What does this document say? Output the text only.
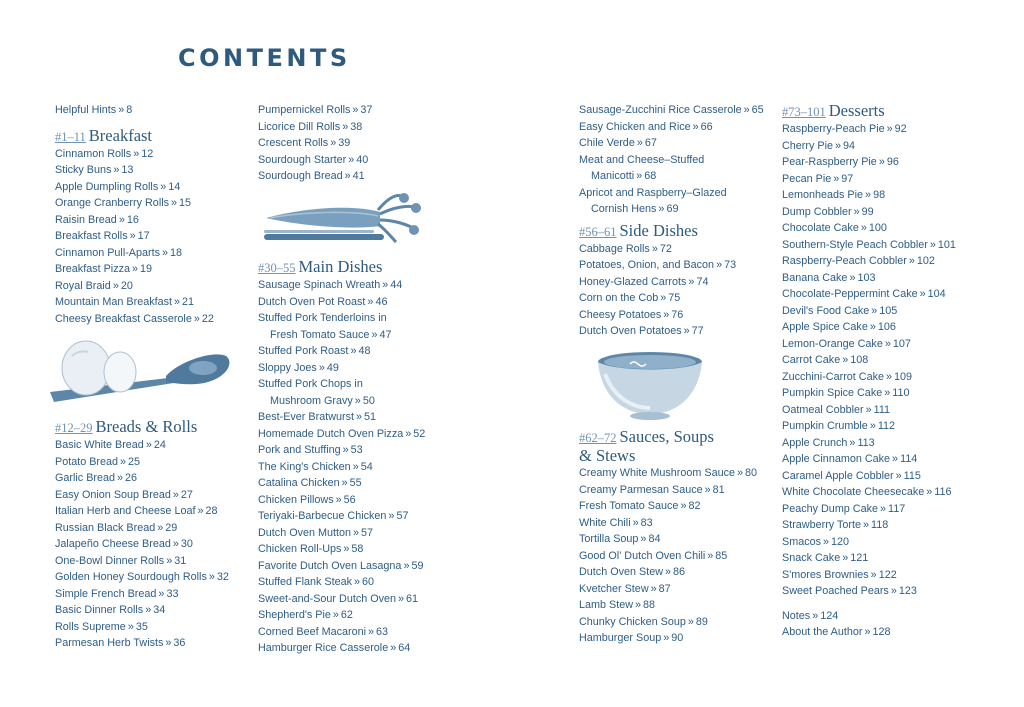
CONTENTS
Helpful Hints » 8
#1–11 Breakfast
Cinnamon Rolls » 12
Sticky Buns » 13
Apple Dumpling Rolls » 14
Orange Cranberry Rolls » 15
Raisin Bread » 16
Breakfast Rolls » 17
Cinnamon Pull-Aparts » 18
Breakfast Pizza » 19
Royal Braid » 20
Mountain Man Breakfast » 21
Cheesy Breakfast Casserole » 22
#12–29 Breads & Rolls
Basic White Bread » 24
Potato Bread » 25
Garlic Bread » 26
Easy Onion Soup Bread » 27
Italian Herb and Cheese Loaf » 28
Russian Black Bread » 29
Jalapeño Cheese Bread » 30
One-Bowl Dinner Rolls » 31
Golden Honey Sourdough Rolls » 32
Simple French Bread » 33
Basic Dinner Rolls » 34
Rolls Supreme » 35
Parmesan Herb Twists » 36
Pumpernickel Rolls » 37
Licorice Dill Rolls » 38
Crescent Rolls » 39
Sourdough Starter » 40
Sourdough Bread » 41
#30–55 Main Dishes
Sausage Spinach Wreath » 44
Dutch Oven Pot Roast » 46
Stuffed Pork Tenderloins in
Fresh Tomato Sauce » 47
Stuffed Pork Roast » 48
Sloppy Joes » 49
Stuffed Pork Chops in
Mushroom Gravy » 50
Best-Ever Bratwurst » 51
Homemade Dutch Oven Pizza » 52
Pork and Stuffing » 53
The King's Chicken » 54
Catalina Chicken » 55
Chicken Pillows » 56
Teriyaki-Barbecue Chicken » 57
Dutch Oven Mutton » 57
Chicken Roll-Ups » 58
Favorite Dutch Oven Lasagna » 59
Stuffed Flank Steak » 60
Sweet-and-Sour Dutch Oven » 61
Shepherd's Pie » 62
Corned Beef Macaroni » 63
Hamburger Rice Casserole » 64
Sausage-Zucchini Rice Casserole » 65
Easy Chicken and Rice » 66
Chile Verde » 67
Meat and Cheese–Stuffed
Manicotti » 68
Apricot and Raspberry–Glazed
Cornish Hens » 69
#56–61 Side Dishes
Cabbage Rolls » 72
Potatoes, Onion, and Bacon » 73
Honey-Glazed Carrots » 74
Corn on the Cob » 75
Cheesy Potatoes » 76
Dutch Oven Potatoes » 77
#62–72 Sauces, Soups
& Stews
Creamy White Mushroom Sauce » 80
Creamy Parmesan Sauce » 81
Fresh Tomato Sauce » 82
White Chili » 83
Tortilla Soup » 84
Good Ol' Dutch Oven Chili » 85
Dutch Oven Stew » 86
Kvetcher Stew » 87
Lamb Stew » 88
Chunky Chicken Soup » 89
Hamburger Soup » 90
#73–101 Desserts
Raspberry-Peach Pie » 92
Cherry Pie » 94
Pear-Raspberry Pie » 96
Pecan Pie » 97
Lemonheads Pie » 98
Dump Cobbler » 99
Chocolate Cake » 100
Southern-Style Peach Cobbler » 101
Raspberry-Peach Cobbler » 102
Banana Cake » 103
Chocolate-Peppermint Cake » 104
Devil's Food Cake » 105
Apple Spice Cake » 106
Lemon-Orange Cake » 107
Carrot Cake » 108
Zucchini-Carrot Cake » 109
Pumpkin Spice Cake » 110
Oatmeal Cobbler » 111
Pumpkin Crumble » 112
Apple Crunch » 113
Apple Cinnamon Cake » 114
Caramel Apple Cobbler » 115
White Chocolate Cheesecake » 116
Peachy Dump Cake » 117
Strawberry Torte » 118
Smacos » 120
Snack Cake » 121
S'mores Brownies » 122
Sweet Poached Pears » 123
Notes » 124
About the Author » 128
